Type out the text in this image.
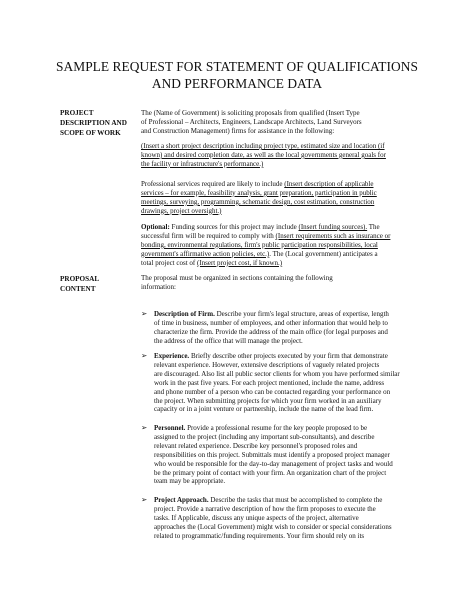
SAMPLE REQUEST FOR STATEMENT OF QUALIFICATIONS
AND PERFORMANCE DATA
PROJECT
DESCRIPTION AND
SCOPE OF WORK
The (Name of Government) is soliciting proposals from qualified (Insert Type
of Professional – Architects, Engineers, Landscape Architects, Land Surveyors
and Construction Management) firms for assistance in the following:
(Insert a short project description including project type, estimated size and location (if
known) and desired completion date, as well as the local governments general goals for
the facility or infrastructure's performance.)
Professional services required are likely to include (Insert description of applicable
services – for example, feasibility analysis, grant preparation, participation in public
meetings, surveying, programming, schematic design, cost estimation, construction
drawings, project oversight.)
Optional: Funding sources for this project may include (Insert funding sources). The
successful firm will be required to comply with (Insert requirements such as insurance or
bonding, environmental regulations, firm's public participation responsibilities, local
government's affirmative action policies, etc.). The (Local government) anticipates a
total project cost of (Insert project cost, if known.)
PROPOSAL
CONTENT
The proposal must be organized in sections containing the following
information:
➢ Description of Firm. Describe your firm's legal structure, areas of expertise, length
of time in business, number of employees, and other information that would help to
characterize the firm. Provide the address of the main office (for legal purposes and
the address of the office that will manage the project.
➢ Experience. Briefly describe other projects executed by your firm that demonstrate
relevant experience. However, extensive descriptions of vaguely related projects
are discouraged. Also list all public sector clients for whom you have performed similar
work in the past five years. For each project mentioned, include the name, address
and phone number of a person who can be contacted regarding your performance on
the project. When submitting projects for which your firm worked in an auxiliary
capacity or in a joint venture or partnership, include the name of the lead firm.
➢ Personnel. Provide a professional resume for the key people proposed to be
assigned to the project (including any important sub-consultants), and describe
relevant related experience. Describe key personnel's proposed roles and
responsibilities on this project. Submittals must identify a proposed project manager
who would be responsible for the day-to-day management of project tasks and would
be the primary point of contact with your firm. An organization chart of the project
team may be appropriate.
➢ Project Approach. Describe the tasks that must be accomplished to complete the
project. Provide a narrative description of how the firm proposes to execute the
tasks. If Applicable, discuss any unique aspects of the project, alternative
approaches the (Local Government) might wish to consider or special considerations
related to programmatic/funding requirements. Your firm should rely on its
